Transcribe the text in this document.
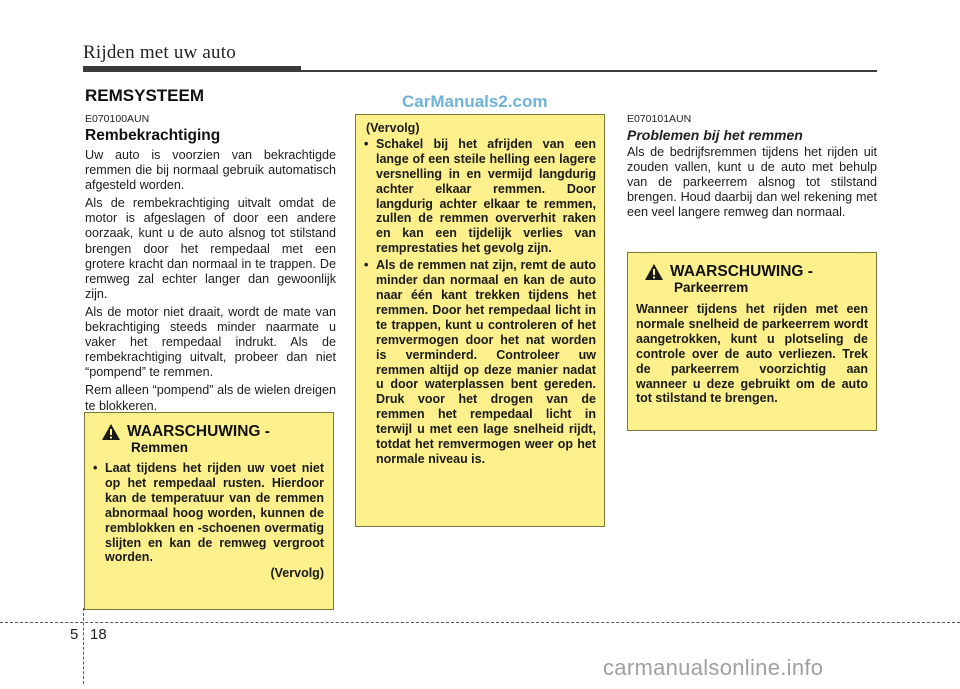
Rijden met uw auto
REMSYSTEEM	CarManuals2.com
E070100AUN
Rembekrachtiging

Uw auto is voorzien van bekrachtigde remmen die bij normaal gebruik automatisch afgesteld worden.

Als de rembekrachtiging uitvalt omdat de motor is afgeslagen of door een andere oorzaak, kunt u de auto alsnog tot stilstand brengen door het rempedaal met een grotere kracht dan normaal in te trappen. De remweg zal echter langer dan gewoonlijk zijn.

Als de motor niet draait, wordt de mate van bekrachtiging steeds minder naarmate u vaker het rempedaal indrukt. Als de rembekrachtiging uitvalt, probeer dan niet “pompend” te remmen.

Rem alleen “pompend” als de wielen dreigen te blokkeren.

WAARSCHUWING -
Remmen
• Laat tijdens het rijden uw voet niet op het rempedaal rusten. Hierdoor kan de temperatuur van de remmen abnormaal hoog worden, kunnen de remblokken en -schoenen overmatig slijten en kan de remweg vergroot worden.
(Vervolg)
(Vervolg)
• Schakel bij het afrijden van een lange of een steile helling een lagere versnelling in en vermijd langdurig achter elkaar remmen. Door langdurig achter elkaar te remmen, zullen de remmen oververhit raken en kan een tijdelijk verlies van remprestaties het gevolg zijn.
• Als de remmen nat zijn, remt de auto minder dan normaal en kan de auto naar één kant trekken tijdens het remmen. Door het rempedaal licht in te trappen, kunt u controleren of het remvermogen door het nat worden is verminderd. Controleer uw remmen altijd op deze manier nadat u door waterplassen bent gereden. Druk voor het drogen van de remmen het rempedaal licht in terwijl u met een lage snelheid rijdt, totdat het remvermogen weer op het normale niveau is.
E070101AUN
Problemen bij het remmen

Als de bedrijfsremmen tijdens het rijden uit zouden vallen, kunt u de auto met behulp van de parkeerrem alsnog tot stilstand brengen. Houd daarbij dan wel rekening met een veel langere remweg dan normaal.

WAARSCHUWING -
Parkeerrem
Wanneer tijdens het rijden met een normale snelheid de parkeerrem wordt aangetrokken, kunt u plotseling de controle over de auto verliezen. Trek de parkeerrem voorzichtig aan wanneer u deze gebruikt om de auto tot stilstand te brengen.
5 18
carmanualsonline.info
